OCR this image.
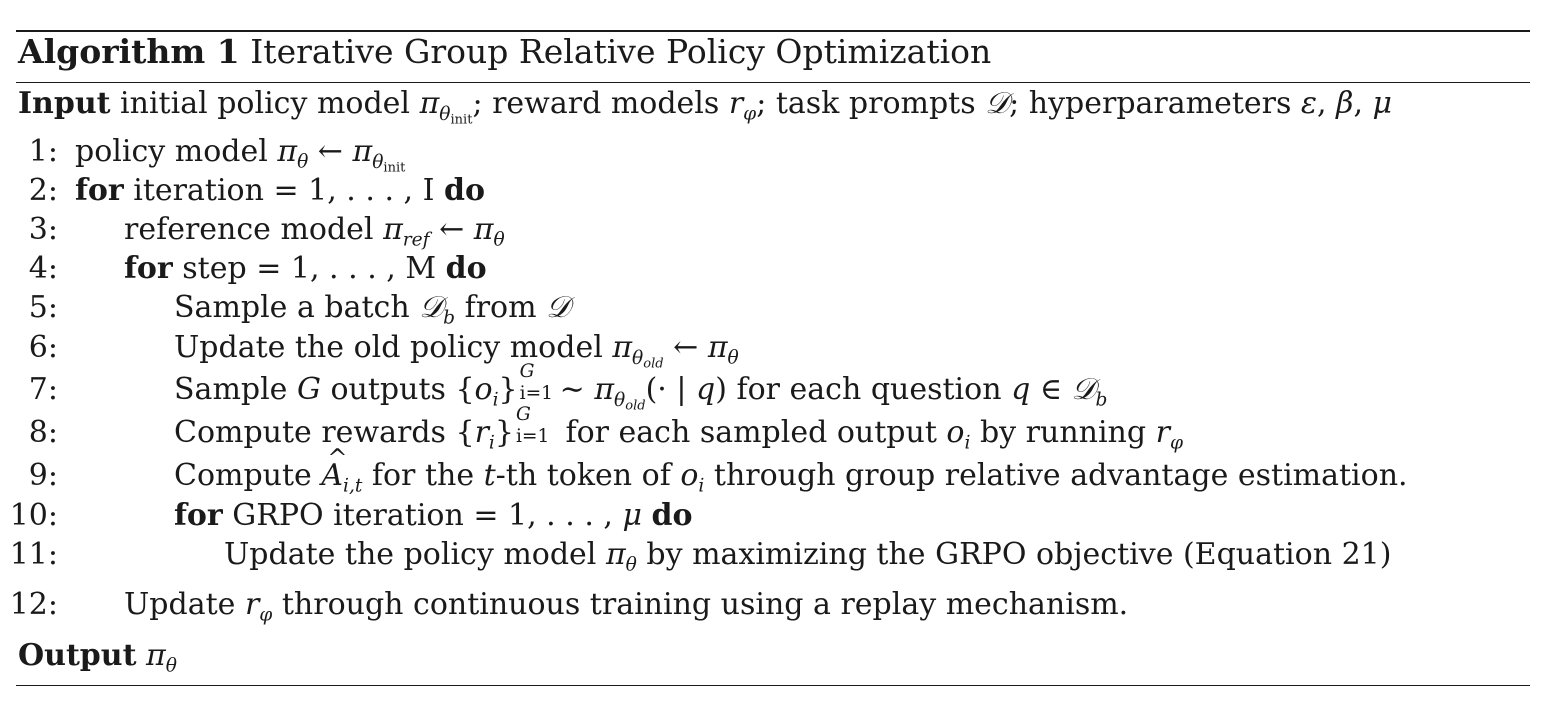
Algorithm 1 Iterative Group Relative Policy Optimization
Input initial policy model $\pi_{\theta init}$; reward models $r_\varphi$; task prompts 𝒟; hyperparameters ε, β, μ
1: policy model $\pi_\theta$ ← $\pi_{\theta init}$
2: for iteration = 1, . . . , I do
3: reference model $\pi_{ref}$ ← $\pi_\theta$
4: for step = 1, . . . , M do
5:	Sample a batch 𝒟$_b$ from 𝒟
6:	Update the old policy model $\pi_{\theta old}$ ← $\pi_\theta$
7:	Sample G outputs $\{o_i\}$
G
i=1 ∼ $\pi_{\theta old}(\cdot$ | q) for each question q ∈ 𝒟$_b$
8:	Compute rewards $\{r_i\}$
G
i=1 for each sampled output $o_i$ by running $r_\varphi$
9:	Compute ^ $A_{i,t}$ for the t-th token of $o_i$ through group relative advantage estimation.
10:	for GRPO iteration = 1, . . . , μ do
11:	Update the policy model $\pi_\theta$ by maximizing the GRPO objective (Equation 21)
12: Update $r_\varphi$ through continuous training using a replay mechanism.
Output $\pi_\theta$
